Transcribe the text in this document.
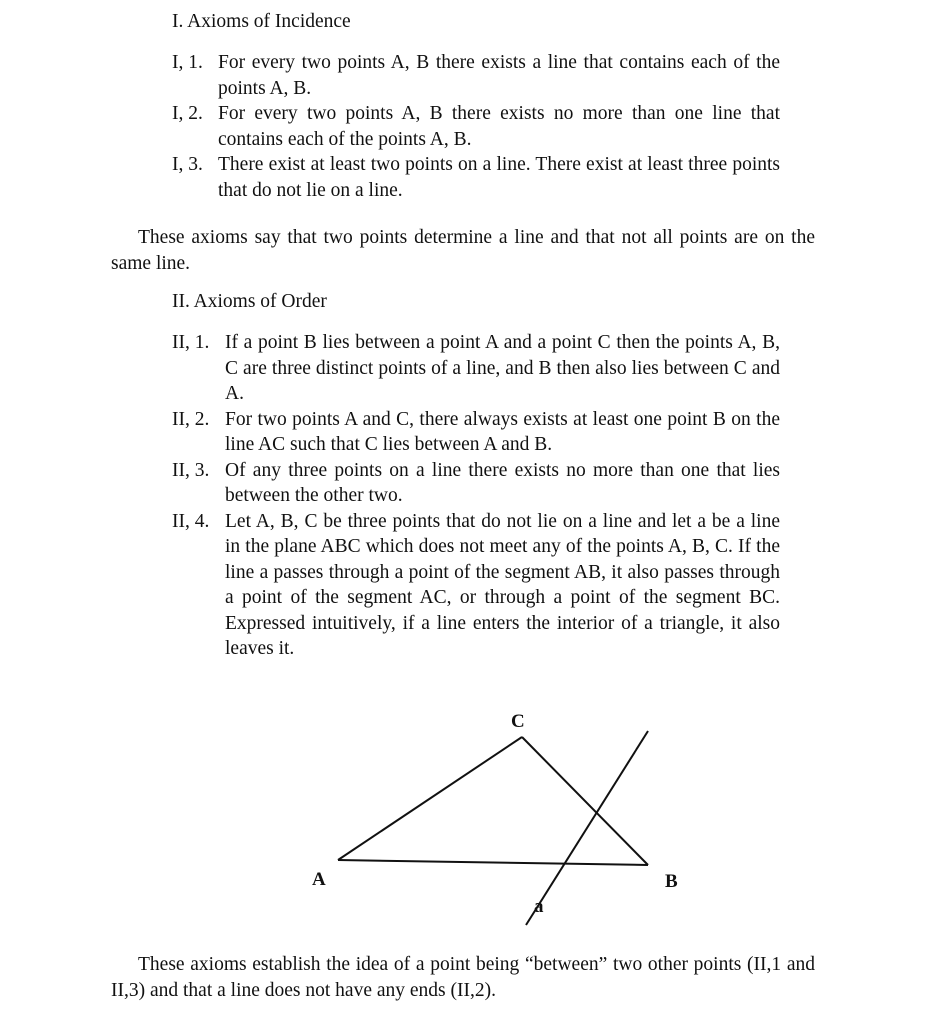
I. Axioms of Incidence
I, 1. For every two points A, B there exists a line that contains each of the points A, B.
I, 2. For every two points A, B there exists no more than one line that contains each of the points A, B.
I, 3. There exist at least two points on a line. There exist at least three points that do not lie on a line.

These axioms say that two points determine a line and that not all points are on the same line.

II. Axioms of Order
II, 1. If a point B lies between a point A and a point C then the points A, B, C are three distinct points of a line, and B then also lies between C and A.
II, 2. For two points A and C, there always exists at least one point B on the line AC such that C lies between A and B.
II, 3. Of any three points on a line there exists no more than one that lies between the other two.
II, 4. Let A, B, C be three points that do not lie on a line and let a be a line in the plane ABC which does not meet any of the points A, B, C. If the line a passes through a point of the segment AB, it also passes through a point of the segment AC, or through a point of the segment BC. Expressed intuitively, if a line enters the interior of a triangle, it also leaves it.
C
A	B
a

These axioms establish the idea of a point being “between” two other points (II,1 and II,3) and that a line does not have any ends (II,2).
